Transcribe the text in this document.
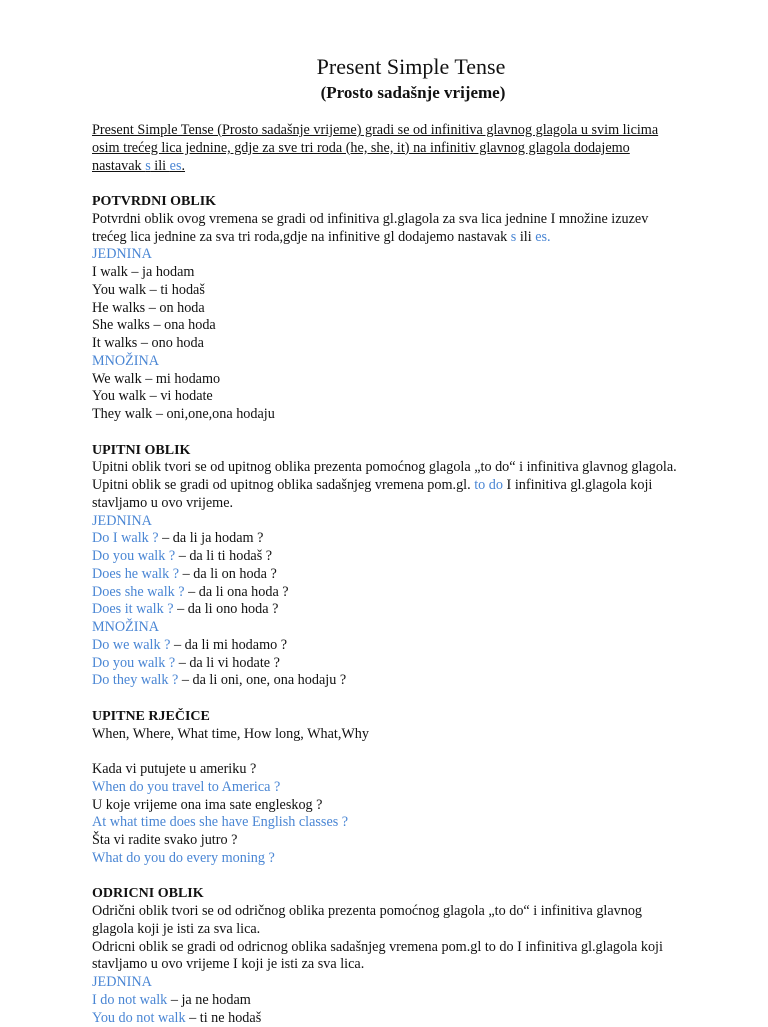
Present Simple Tense
(Prosto sadašnje vrijeme)
Present Simple Tense (Prosto sadašnje vrijeme) gradi se od infinitiva glavnog glagola u svim licima
osim trećeg lica jednine, gdje za sve tri roda (he, she, it) na infinitiv glavnog glagola dodajemo
nastavak s ili es.
POTVRDNI OBLIK
Potvrdni oblik ovog vremena se gradi od infinitiva gl.glagola za sva lica jednine I množine izuzev
trećeg lica jednine za sva tri roda,gdje na infinitive gl dodajemo nastavak s ili es.
JEDNINA
I walk – ja hodam
You walk – ti hodaš
He walks – on hoda
She walks – ona hoda
It walks – ono hoda
MNOŽINA
We walk – mi hodamo
You walk – vi hodate
They walk – oni,one,ona hodaju
UPITNI OBLIK
Upitni oblik tvori se od upitnog oblika prezenta pomoćnog glagola „to do“ i infinitiva glavnog glagola.
Upitni oblik se gradi od upitnog oblika sadašnjeg vremena pom.gl. to do I infinitiva gl.glagola koji
stavljamo u ovo vrijeme.
JEDNINA
Do I walk ? – da li ja hodam ?
Do you walk ? – da li ti hodaš ?
Does he walk ? – da li on hoda ?
Does she walk ? – da li ona hoda ?
Does it walk ? – da li ono hoda ?
MNOŽINA
Do we walk ? – da li mi hodamo ?
Do you walk ? – da li vi hodate ?
Do they walk ? – da li oni, one, ona hodaju ?
UPITNE RJEČICE
When, Where, What time, How long, What,Why
Kada vi putujete u ameriku ?
When do you travel to America ?
U koje vrijeme ona ima sate engleskog ?
At what time does she have English classes ?
Šta vi radite svako jutro ?
What do you do every moning ?
ODRICNI OBLIK
Odrični oblik tvori se od odričnog oblika prezenta pomoćnog glagola „to do“ i infinitiva glavnog
glagola koji je isti za sva lica.
Odricni oblik se gradi od odricnog oblika sadašnjeg vremena pom.gl to do I infinitiva gl.glagola koji
stavljamo u ovo vrijeme I koji je isti za sva lica.
JEDNINA
I do not walk – ja ne hodam
You do not walk – ti ne hodaš
